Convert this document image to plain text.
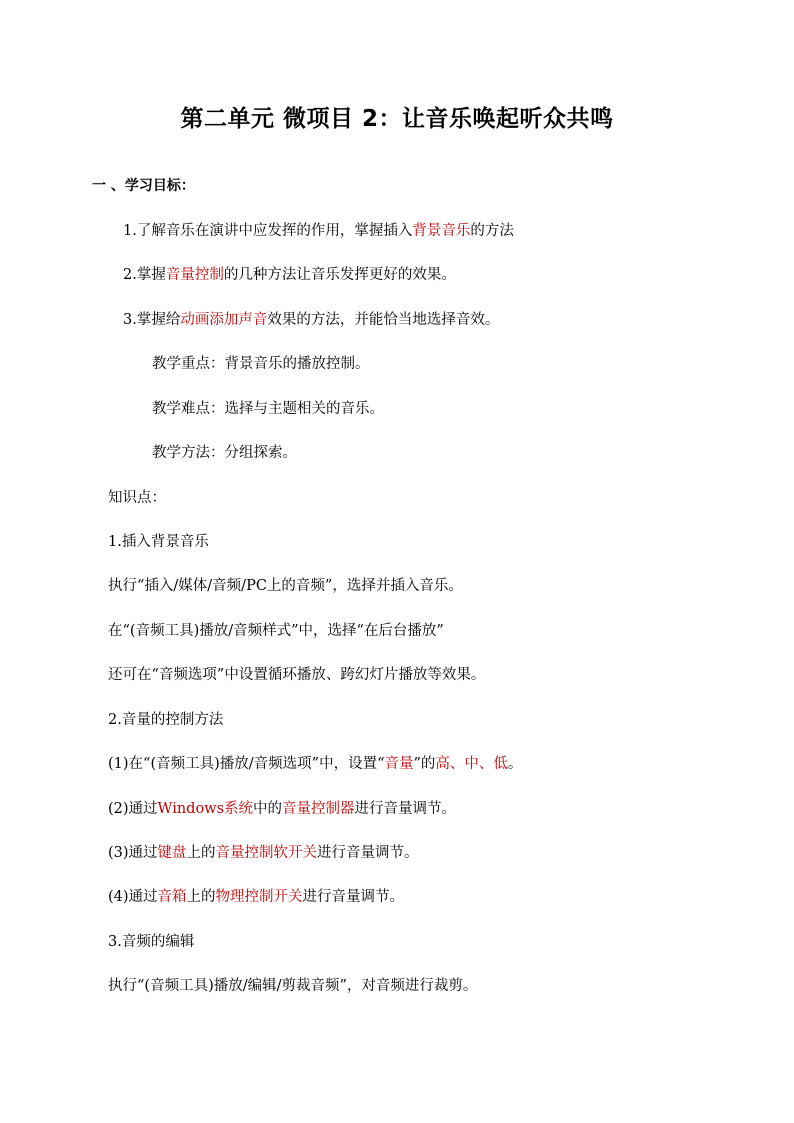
第二单元 微项目 2：让音乐唤起听众共鸣
一 、学习目标：
1.了解音乐在演讲中应发挥的作用，掌握插入背景音乐的方法
2.掌握音量控制的几种方法让音乐发挥更好的效果。
3.掌握给动画添加声音效果的方法，并能恰当地选择音效。
教学重点：背景音乐的播放控制。
教学难点：选择与主题相关的音乐。
教学方法：分组探索。
知识点：
1.插入背景音乐
执行“插入/媒体/音频/PC上的音频”，选择并插入音乐。
在“(音频工具)播放/音频样式”中，选择“在后台播放”
还可在“音频选项”中设置循环播放、跨幻灯片播放等效果。
2.音量的控制方法
(1)在“(音频工具)播放/音频选项”中，设置“音量”的高、中、低。
(2)通过Windows系统中的音量控制器进行音量调节。
(3)通过键盘上的音量控制软开关进行音量调节。
(4)通过音箱上的物理控制开关进行音量调节。
3.音频的编辑
执行“(音频工具)播放/编辑/剪裁音频”，对音频进行裁剪。
